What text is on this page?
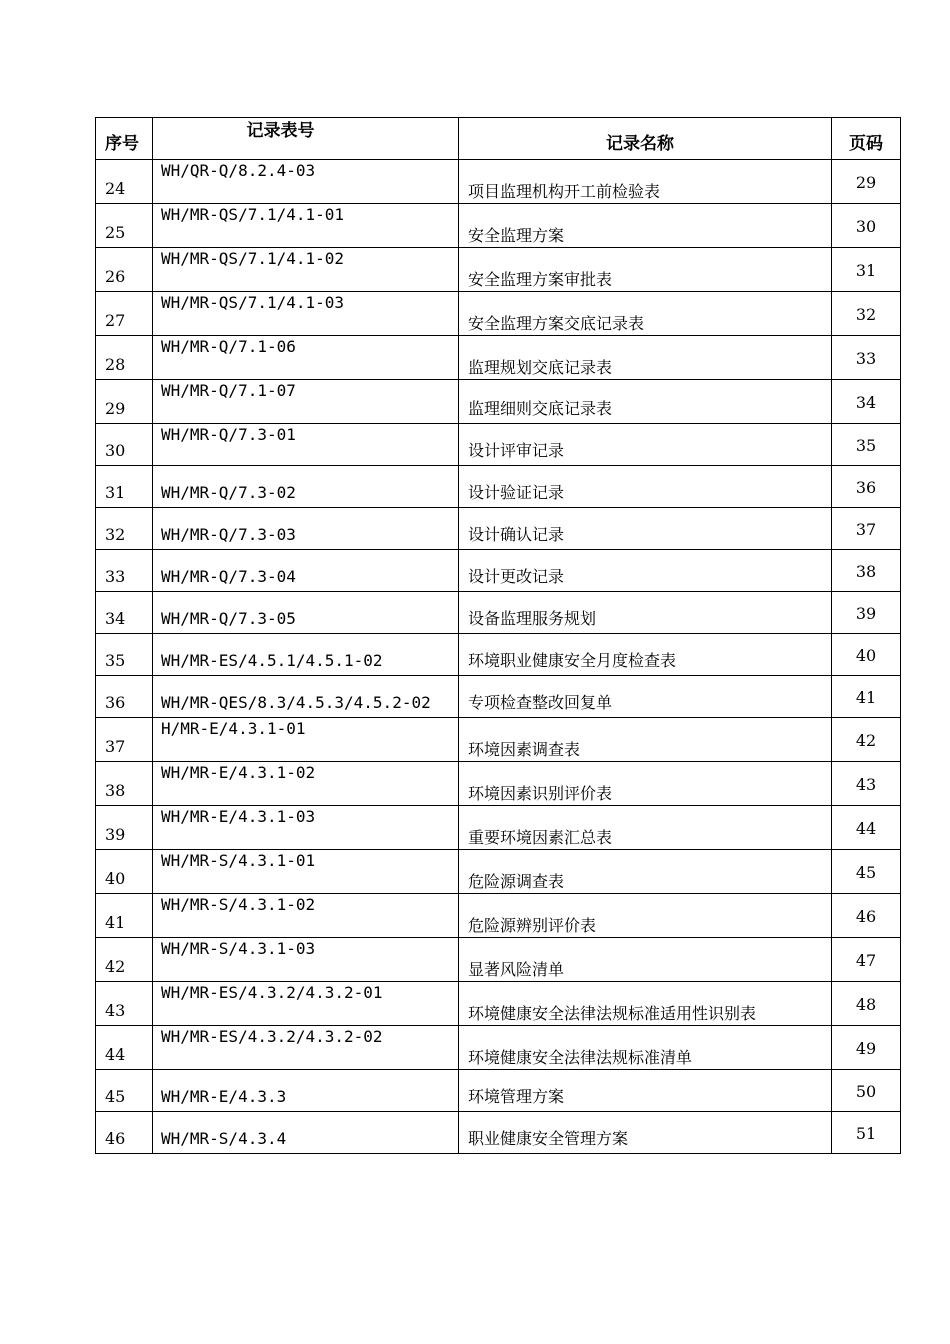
序号	记录表号	记录名称	页码
24	WH/QR-Q/8.2.4-03	项目监理机构开工前检验表	29
25	WH/MR-QS/7.1/4.1-01	安全监理方案	30
26	WH/MR-QS/7.1/4.1-02	安全监理方案审批表	31
27	WH/MR-QS/7.1/4.1-03	安全监理方案交底记录表	32
28	WH/MR-Q/7.1-06	监理规划交底记录表	33
29	WH/MR-Q/7.1-07	监理细则交底记录表	34
30	WH/MR-Q/7.3-01	设计评审记录	35
31	WH/MR-Q/7.3-02	设计验证记录	36
32	WH/MR-Q/7.3-03	设计确认记录	37
33	WH/MR-Q/7.3-04	设计更改记录	38
34	WH/MR-Q/7.3-05	设备监理服务规划	39
35	WH/MR-ES/4.5.1/4.5.1-02	环境职业健康安全月度检查表	40
36	WH/MR-QES/8.3/4.5.3/4.5.2-02	专项检查整改回复单	41
37	H/MR-E/4.3.1-01	环境因素调查表	42
38	WH/MR-E/4.3.1-02	环境因素识别评价表	43
39	WH/MR-E/4.3.1-03	重要环境因素汇总表	44
40	WH/MR-S/4.3.1-01	危险源调查表	45
41	WH/MR-S/4.3.1-02	危险源辨别评价表	46
42	WH/MR-S/4.3.1-03	显著风险清单	47
43	WH/MR-ES/4.3.2/4.3.2-01	环境健康安全法律法规标准适用性识别表	48
44	WH/MR-ES/4.3.2/4.3.2-02	环境健康安全法律法规标准清单	49
45	WH/MR-E/4.3.3	环境管理方案	50
46	WH/MR-S/4.3.4	职业健康安全管理方案	51
